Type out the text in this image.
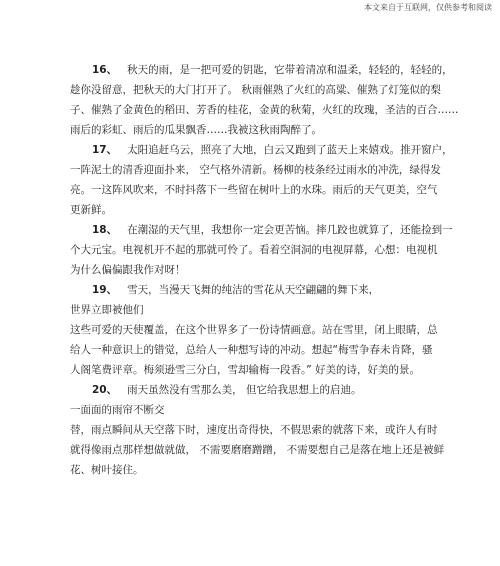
本文来自于互联网，仅供参考和阅读
16、 秋天的雨，是一把可爱的钥匙，它带着清凉和温柔，轻轻的，轻轻的，
趁你没留意，把秋天的大门打开了。 秋雨催熟了火红的高粱、催熟了灯笼似的梨
子、催熟了金黄色的稻田、芳香的桂花，金黄的秋菊，火红的玫瑰，圣洁的百合……
雨后的彩虹、雨后的瓜果飘香……我被这秋雨陶醉了。
17、 太阳追赶乌云，照亮了大地，白云又跑到了蓝天上来嬉戏。推开窗户，
一阵泥土的清香迎面扑来， 空气格外清新。杨柳的枝条经过雨水的冲洗，绿得发
亮。一这阵风吹来，不时抖落下一些留在树叶上的水珠。雨后的天气更美，空气
更新鲜。
18、 在潮湿的天气里，我想你一定会更苦恼。摔几跤也就算了，还能捡到一
个大元宝。电视机开不起的那就可怜了。看着空洞洞的电视屏幕，心想：电视机
为什么偏偏跟我作对呀！
19、 雪天，当漫天飞舞的纯洁的雪花从天空翩翩的舞下来，
世界立即被他们
这些可爱的天使覆盖，在这个世界多了一份诗情画意。站在雪里，闭上眼睛，总
给人一种意识上的错觉，总给人一种想写诗的冲动。想起“梅雪争春未肯降，骚
人阁笔费评章。梅须逊雪三分白，雪却输梅一段香。” 好美的诗，好美的景。
20、 雨天虽然没有雪那么美， 但它给我思想上的启迪。
一面面的雨帘不断交
替，雨点瞬间从天空落下时，速度出奇得快，不假思索的就落下来，或许人有时
就得像雨点那样想做就做， 不需要磨磨蹭蹭， 不需要想自己是落在地上还是被鲜
花、树叶接住。
